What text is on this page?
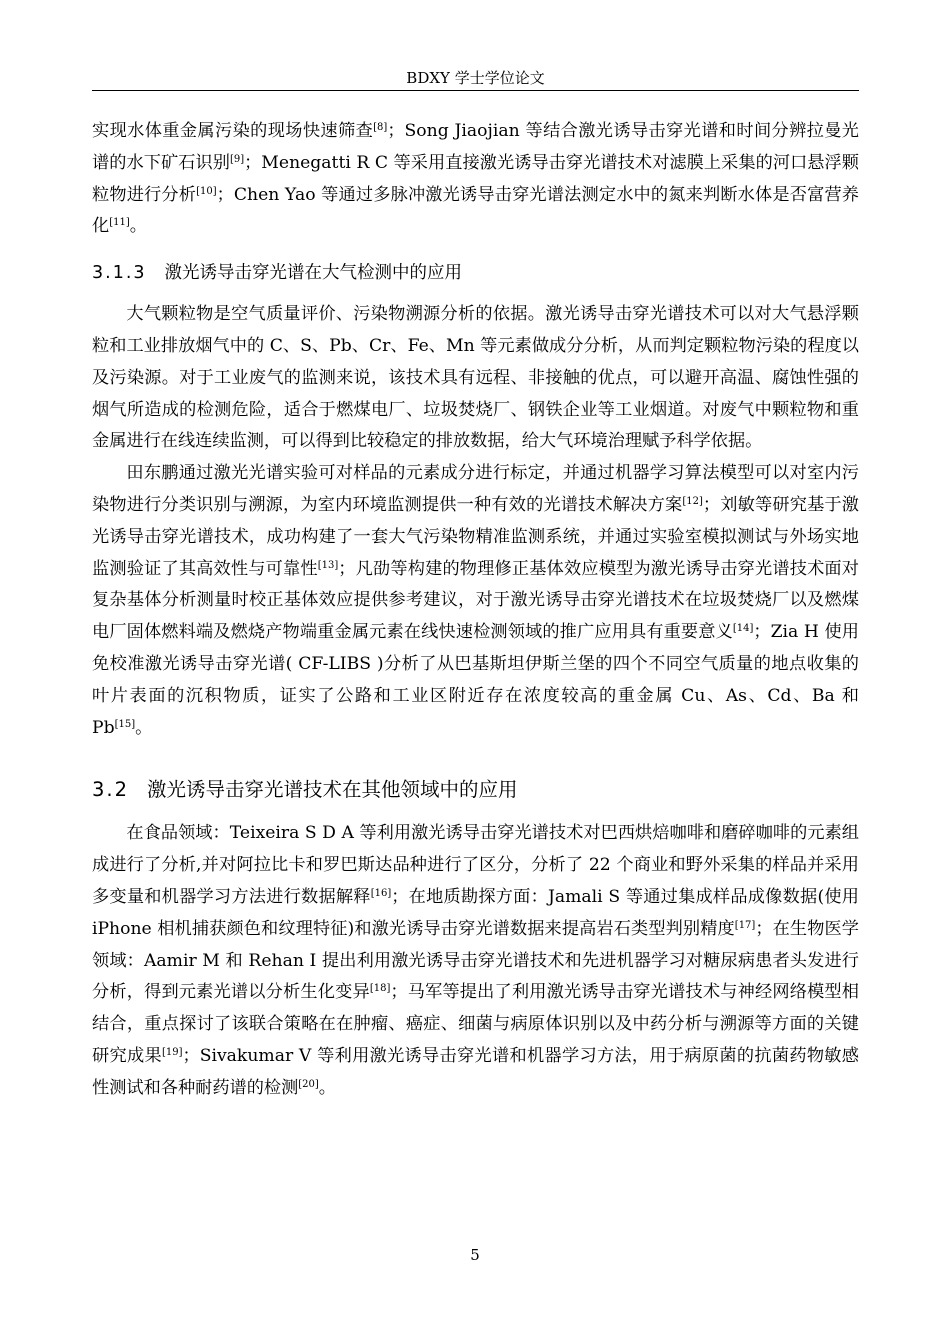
BDXY 学士学位论文

实现水体重金属污染的现场快速筛查[8]；Song Jiaojian 等结合激光诱导击穿光谱和时间分辨拉曼光谱的水下矿石识别[9]；Menegatti R C 等采用直接激光诱导击穿光谱技术对滤膜上采集的河口悬浮颗粒物进行分析[10]；Chen Yao 等通过多脉冲激光诱导击穿光谱法测定水中的氮来判断水体是否富营养化[11]。

3.1.3 激光诱导击穿光谱在大气检测中的应用

大气颗粒物是空气质量评价、污染物溯源分析的依据。激光诱导击穿光谱技术可以对大气悬浮颗粒和工业排放烟气中的 C、S、Pb、Cr、Fe、Mn 等元素做成分分析，从而判定颗粒物污染的程度以及污染源。对于工业废气的监测来说，该技术具有远程、非接触的优点，可以避开高温、腐蚀性强的烟气所造成的检测危险，适合于燃煤电厂、垃圾焚烧厂、钢铁企业等工业烟道。对废气中颗粒物和重金属进行在线连续监测，可以得到比较稳定的排放数据，给大气环境治理赋予科学依据。

田东鹏通过激光光谱实验可对样品的元素成分进行标定，并通过机器学习算法模型可以对室内污染物进行分类识别与溯源，为室内环境监测提供一种有效的光谱技术解决方案[12]；刘敏等研究基于激光诱导击穿光谱技术，成功构建了一套大气污染物精准监测系统，并通过实验室模拟测试与外场实地监测验证了其高效性与可靠性[13]；凡劭等构建的物理修正基体效应模型为激光诱导击穿光谱技术面对复杂基体分析测量时校正基体效应提供参考建议，对于激光诱导击穿光谱技术在垃圾焚烧厂以及燃煤电厂固体燃料端及燃烧产物端重金属元素在线快速检测领域的推广应用具有重要意义[14]；Zia H 使用免校准激光诱导击穿光谱( CF-LIBS )分析了从巴基斯坦伊斯兰堡的四个不同空气质量的地点收集的叶片表面的沉积物质，证实了公路和工业区附近存在浓度较高的重金属 Cu、As、Cd、Ba 和 Pb[15]。

3.2 激光诱导击穿光谱技术在其他领域中的应用

在食品领域：Teixeira S D A 等利用激光诱导击穿光谱技术对巴西烘焙咖啡和磨碎咖啡的元素组成进行了分析,并对阿拉比卡和罗巴斯达品种进行了区分，分析了 22 个商业和野外采集的样品并采用多变量和机器学习方法进行数据解释[16]；在地质勘探方面：Jamali S 等通过集成样品成像数据(使用 iPhone 相机捕获颜色和纹理特征)和激光诱导击穿光谱数据来提高岩石类型判别精度[17]；在生物医学领域：Aamir M 和 Rehan I 提出利用激光诱导击穿光谱技术和先进机器学习对糖尿病患者头发进行分析，得到元素光谱以分析生化变异[18]；马军等提出了利用激光诱导击穿光谱技术与神经网络模型相结合，重点探讨了该联合策略在在肿瘤、癌症、细菌与病原体识别以及中药分析与溯源等方面的关键研究成果[19]；Sivakumar V 等利用激光诱导击穿光谱和机器学习方法，用于病原菌的抗菌药物敏感性测试和各种耐药谱的检测[20]。

5
